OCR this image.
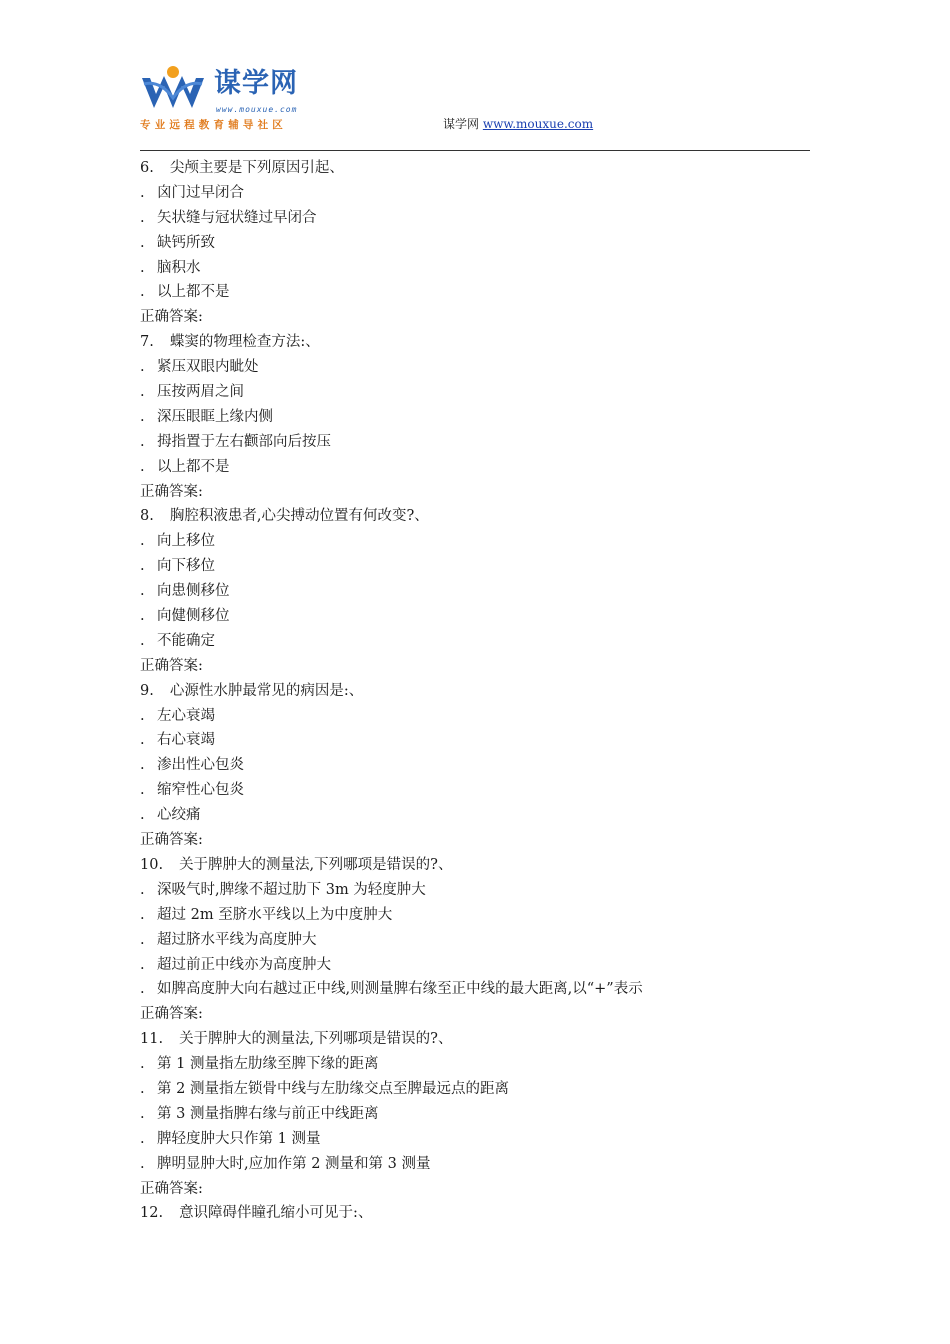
谋学网
www.mouxue.com
专业远程教育辅导社区	谋学网 www.mouxue.com
6. 尖颅主要是下列原因引起、
. 囟门过早闭合
. 矢状缝与冠状缝过早闭合
. 缺钙所致
. 脑积水
. 以上都不是
正确答案:
7. 蝶窦的物理检查方法:、
. 紧压双眼内眦处
. 压按两眉之间
. 深压眼眶上缘内侧
. 拇指置于左右颧部向后按压
. 以上都不是
正确答案:
8. 胸腔积液患者,心尖搏动位置有何改变?、
. 向上移位
. 向下移位
. 向患侧移位
. 向健侧移位
. 不能确定
正确答案:
9. 心源性水肿最常见的病因是:、
. 左心衰竭
. 右心衰竭
. 渗出性心包炎
. 缩窄性心包炎
. 心绞痛
正确答案:
10. 关于脾肿大的测量法,下列哪项是错误的?、
. 深吸气时,脾缘不超过肋下 3m 为轻度肿大
. 超过 2m 至脐水平线以上为中度肿大
. 超过脐水平线为高度肿大
. 超过前正中线亦为高度肿大
. 如脾高度肿大向右越过正中线,则测量脾右缘至正中线的最大距离,以“+”表示
正确答案:
11. 关于脾肿大的测量法,下列哪项是错误的?、
. 第 1 测量指左肋缘至脾下缘的距离
. 第 2 测量指左锁骨中线与左肋缘交点至脾最远点的距离
. 第 3 测量指脾右缘与前正中线距离
. 脾轻度肿大只作第 1 测量
. 脾明显肿大时,应加作第 2 测量和第 3 测量
正确答案:
12. 意识障碍伴瞳孔缩小可见于:、
